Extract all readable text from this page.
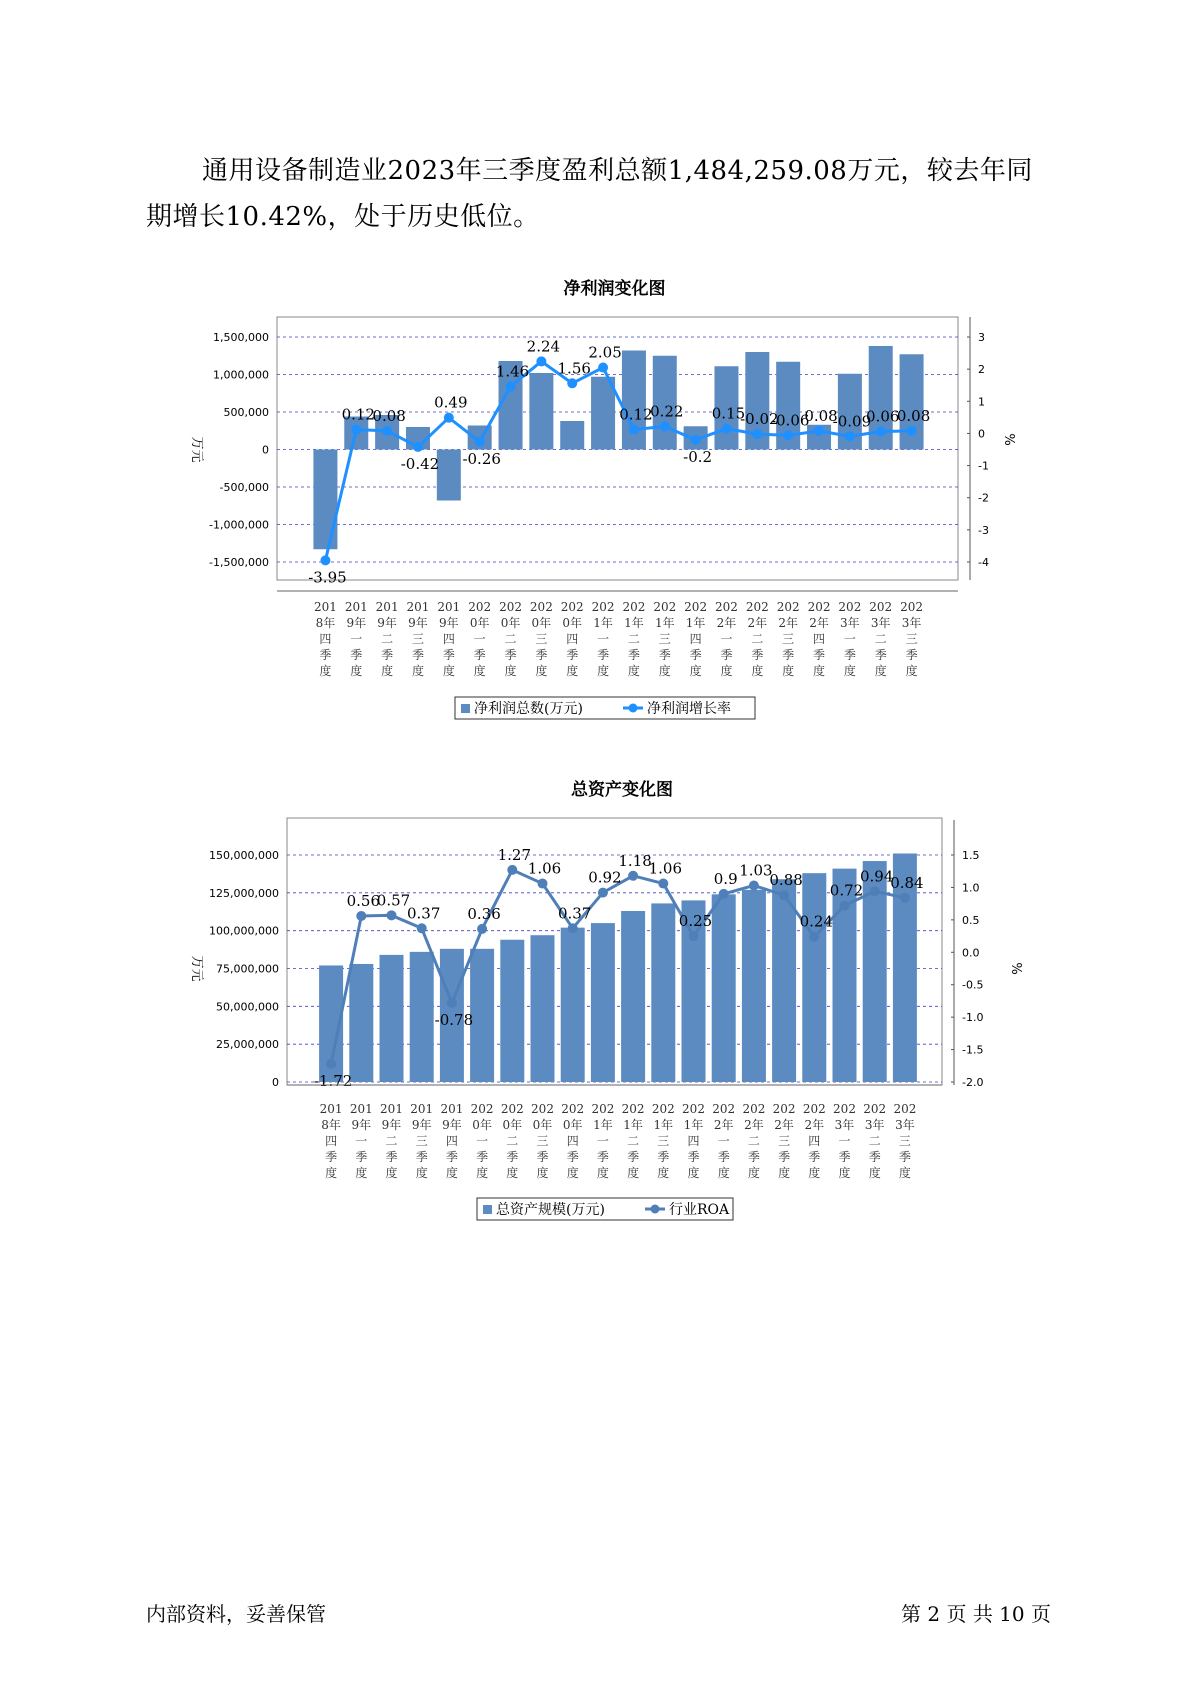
通用设备制造业2023年三季度盈利总额1,484,259.08万元，较去年同期增长10.42%，处于历史低位。

净利润变化图
1,500,000
1,000,000
500,000
0
-500,000
-1,000,000
-1,500,000
3
2
1
0
-1
-2
-3
-4
万元	%
-3.95
0.12
0.08
-0.42
0.49
-0.26
1.46
2.24
1.56
2.05
0.12
0.22
-0.2
0.15
-0.02
-0.06
0.08
-0.09
0.06
0.08
201 8年四季度
201 9年一季度
201 9年二季度
201 9年三季度
201 9年四季度
202 0年一季度
202 0年二季度
202 0年三季度
202 0年四季度
202 1年一季度
202 1年二季度
202 1年三季度
202 1年四季度
202 2年一季度
202 2年二季度
202 2年三季度
202 2年四季度
202 3年一季度
202 3年二季度
202 3年三季度
净利润总数(万元)	净利润增长率
总资产变化图
150,000,000
125,000,000
100,000,000
75,000,000
50,000,000
25,000,000
0
1.5
1.0
0.5
0.0
-0.5
-1.0
-1.5
-2.0
万元	%
-1.72
0.56
0.57
0.37
-0.78
0.36
1.27
1.06
0.37
0.92
1.18
1.06
0.25
0.9 1.03
0.88
0.24
0.72
0.94
0.84
201 8年四季度
201 9年一季度
201 9年二季度
201 9年三季度
201 9年四季度
202 0年一季度
202 0年二季度
202 0年三季度
202 0年四季度
202 1年一季度
202 1年二季度
202 1年三季度
202 1年四季度
202 2年一季度
202 2年二季度
202 2年三季度
202 2年四季度
202 3年一季度
202 3年二季度
202 3年三季度
总资产规模(万元)	行业ROA
内部资料，妥善保管	第 2 页 共 10 页
